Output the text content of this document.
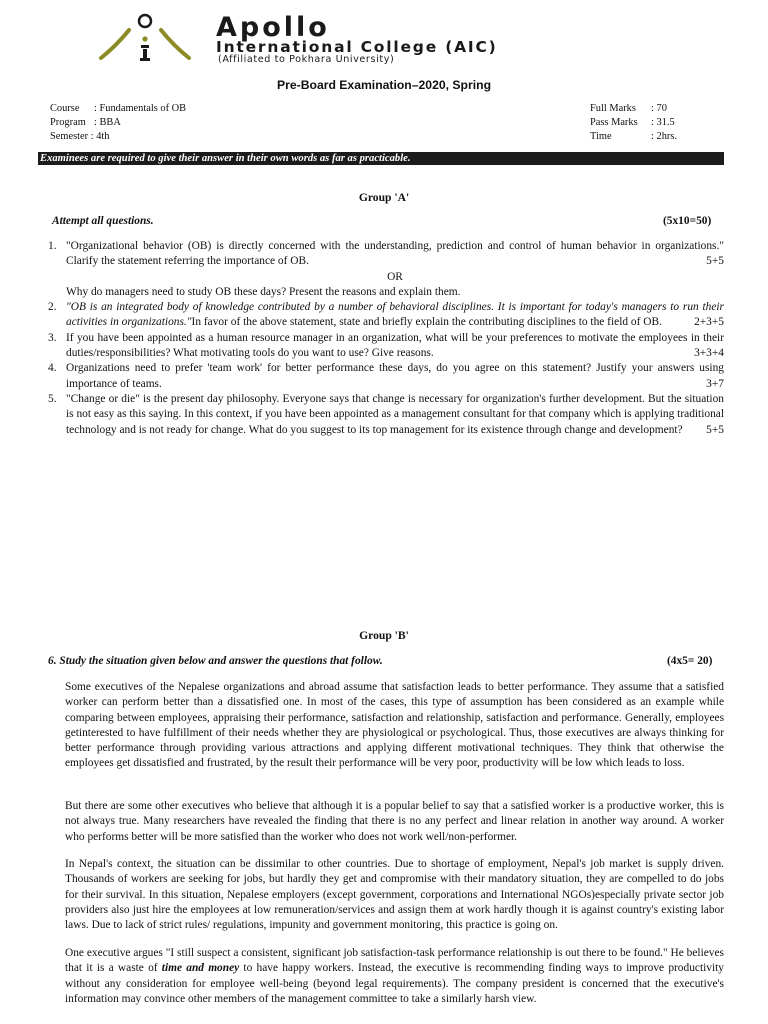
Apollo
International College (AIC)
(Affiliated to Pokhara University)
Pre-Board Examination–2020, Spring
Course : Fundamentals of OB
Program : BBA
Semester : 4th
Full Marks : 70
Pass Marks : 31.5
Time	: 2hrs.
Examinees are required to give their answer in their own words as far as practicable.
Group 'A'
Attempt all questions.	(5x10=50)
1. "Organizational behavior (OB) is directly concerned with the understanding, prediction and control of human behavior in organizations." Clarify the statement referring the importance of OB.	5+5
OR
Why do managers need to study OB these days? Present the reasons and explain them.
2. "OB is an integrated body of knowledge contributed by a number of behavioral disciplines. It is important for today's managers to run their activities in organizations."In favor of the above statement, state and briefly explain the contributing disciplines to the field of OB.	2+3+5
3. If you have been appointed as a human resource manager in an organization, what will be your preferences to motivate the employees in their duties/responsibilities? What motivating tools do you want to use? Give reasons.	3+3+4
4. Organizations need to prefer 'team work' for better performance these days, do you agree on this statement? Justify your answers using importance of teams.	3+7
5. "Change or die" is the present day philosophy. Everyone says that change is necessary for organization's further development. But the situation is not easy as this saying. In this context, if you have been appointed as a management consultant for that company which is applying traditional technology and is not ready for change. What do you suggest to its top management for its existence through change and development? 5+5
Group 'B'
6. Study the situation given below and answer the questions that follow.	(4x5= 20)
Some executives of the Nepalese organizations and abroad assume that satisfaction leads to better performance. They assume that a satisfied worker can perform better than a dissatisfied one. In most of the cases, this type of assumption has been considered as an example while comparing between employees, appraising their performance, satisfaction and relationship, satisfaction and performance. Generally, employees getinterested to have fulfillment of their needs whether they are physiological or psychological. Thus, those executives are always thinking for better performance through providing various attractions and applying different motivational techniques. They think that otherwise the employees get dissatisfied and frustrated, by the result their performance will be very poor, productivity will be low which leads to loss.
But there are some other executives who believe that although it is a popular belief to say that a satisfied worker is a productive worker, this is not always true. Many researchers have revealed the finding that there is no any perfect and linear relation in another way around. A worker who performs better will be more satisfied than the worker who does not work well/non-performer.
In Nepal's context, the situation can be dissimilar to other countries. Due to shortage of employment, Nepal's job market is supply driven. Thousands of workers are seeking for jobs, but hardly they get and compromise with their mandatory situation, they are compelled to do jobs for their survival. In this situation, Nepalese employers (except government, corporations and International NGOs)especially private sector job providers also just hire the employees at low remuneration/services and assign them at work hardly though it is against country's existing labor laws. Due to lack of strict rules/ regulations, impunity and government monitoring, this practice is going on.
One executive argues "I still suspect a consistent, significant job satisfaction-task performance relationship is out there to be found." He believes that it is a waste of time and money to have happy workers. Instead, the executive is recommending finding ways to improve productivity without any consideration for employee well-being (beyond legal requirements). The company president is concerned that the executive's information may convince other members of the management committee to take a similarly harsh view.
